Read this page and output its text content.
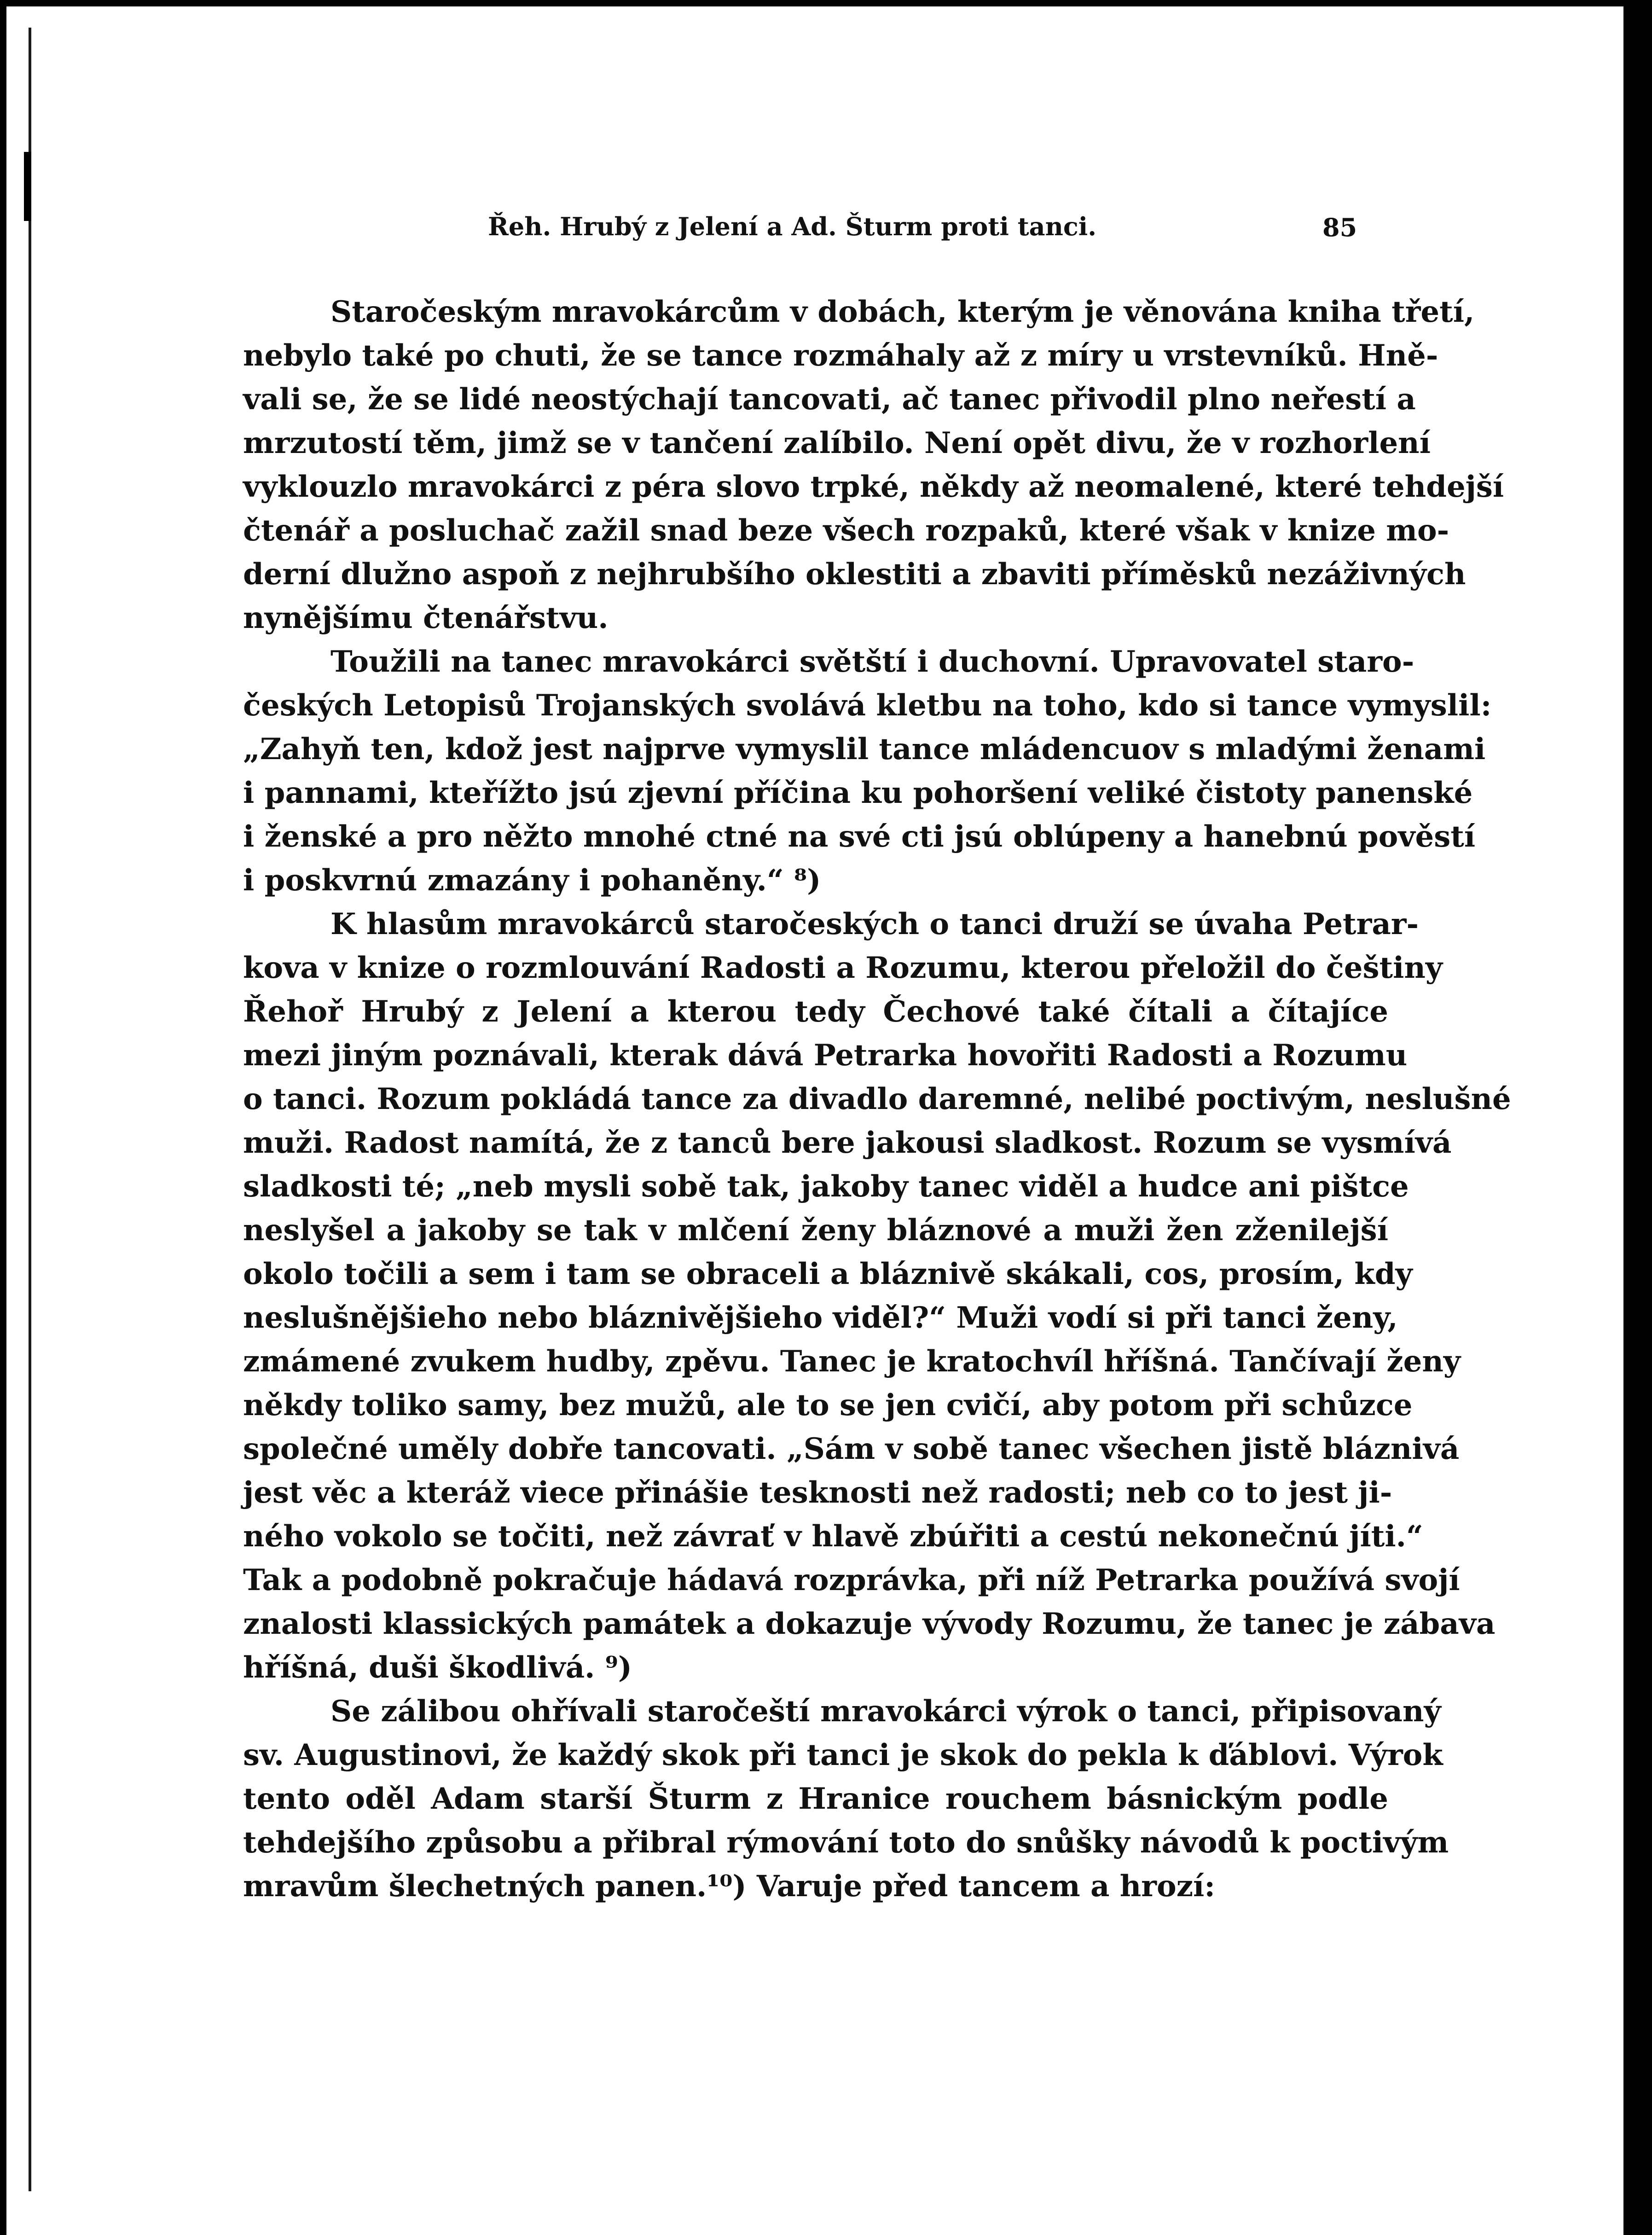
Řeh. Hrubý z Jelení a Ad. Šturm proti tanci.	85
Staročeským mravokárcům v dobách, kterým je věnována kniha třetí,
nebylo také po chuti, že se tance rozmáhaly až z míry u vrstevníků. Hně-
vali se, že se lidé neostýchají tancovati, ač tanec přivodil plno neřestí a
mrzutostí těm, jimž se v tančení zalíbilo. Není opět divu, že v rozhorlení
vyklouzlo mravokárci z péra slovo trpké, někdy až neomalené, které tehdejší
čtenář a posluchač zažil snad beze všech rozpaků, které však v knize mo-
derní dlužno aspoň z nejhrubšího oklestiti a zbaviti příměsků nezáživných
nynějšímu čtenářstvu.
Toužili na tanec mravokárci světští i duchovní. Upravovatel staro-
českých Letopisů Trojanských svolává kletbu na toho, kdo si tance vymyslil:
„Zahyň ten, kdož jest najprve vymyslil tance mládencuov s mladými ženami
i pannami, kteřížto jsú zjevní příčina ku pohoršení veliké čistoty panenské
i ženské a pro něžto mnohé ctné na své cti jsú oblúpeny a hanebnú pověstí
i poskvrnú zmazány i pohaněny.“ ⁸)
K hlasům mravokárců staročeských o tanci druží se úvaha Petrar-
kova v knize o rozmlouvání Radosti a Rozumu, kterou přeložil do češtiny
Řehoř Hrubý z Jelení a kterou tedy Čechové také čítali a čítajíce
mezi jiným poznávali, kterak dává Petrarka hovořiti Radosti a Rozumu
o tanci. Rozum pokládá tance za divadlo daremné, nelibé poctivým, neslušné
muži. Radost namítá, že z tanců bere jakousi sladkost. Rozum se vysmívá
sladkosti té; „neb mysli sobě tak, jakoby tanec viděl a hudce ani pištce
neslyšel a jakoby se tak v mlčení ženy bláznové a muži žen zženilejší
okolo točili a sem i tam se obraceli a bláznivě skákali, cos, prosím, kdy
neslušnějšieho nebo bláznivějšieho viděl?“ Muži vodí si při tanci ženy,
zmámené zvukem hudby, zpěvu. Tanec je kratochvíl hříšná. Tančívají ženy
někdy toliko samy, bez mužů, ale to se jen cvičí, aby potom při schůzce
společné uměly dobře tancovati. „Sám v sobě tanec všechen jistě bláznivá
jest věc a kteráž viece přinášie tesknosti než radosti; neb co to jest ji-
ného vokolo se točiti, než závrať v hlavě zbúřiti a cestú nekonečnú jíti.“
Tak a podobně pokračuje hádavá rozprávka, při níž Petrarka používá svojí
znalosti klassických památek a dokazuje vývody Rozumu, že tanec je zábava
hříšná, duši škodlivá. ⁹)
Se zálibou ohřívali staročeští mravokárci výrok o tanci, připisovaný
sv. Augustinovi, že každý skok při tanci je skok do pekla k ďáblovi. Výrok
tento oděl Adam starší Šturm z Hranice rouchem básnickým podle
tehdejšího způsobu a přibral rýmování toto do snůšky návodů k poctivým
mravům šlechetných panen.¹⁰) Varuje před tancem a hrozí:
